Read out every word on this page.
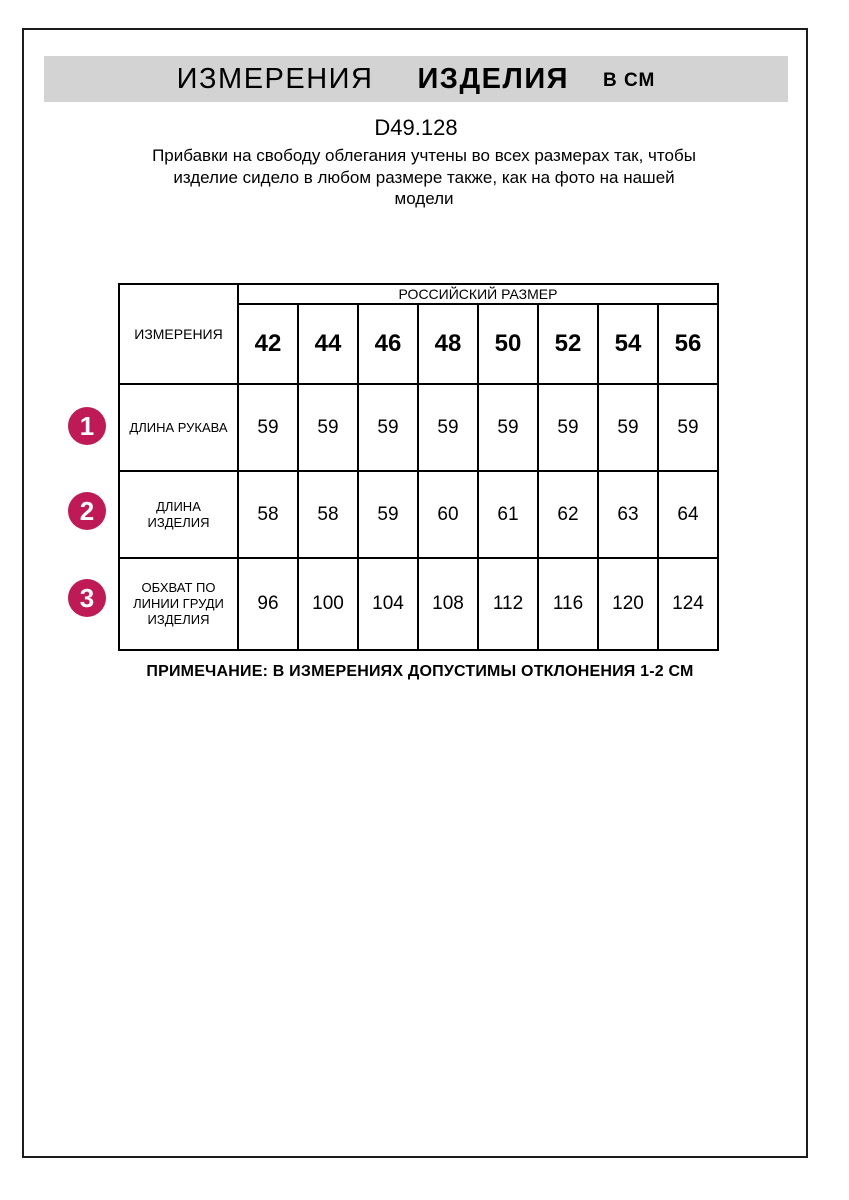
ИЗМЕРЕНИЯ ИЗДЕЛИЯ В СМ
D49.128
Прибавки на свободу облегания учтены во всех размерах так, чтобы
изделие сидело в любом размере также, как на фото на нашей
модели
ИЗМЕРЕНИЯ	РОССИЙСКИЙ РАЗМЕР							
	42	44	46	48	50	52	54	56
ДЛИНА РУКАВА	59	59	59	59	59	59	59	59
ДЛИНА ИЗДЕЛИЯ	58	58	59	60	61	62	63	64
ОБХВАТ ПО ЛИНИИ ГРУДИ ИЗДЕЛИЯ	96	100	104	108	112	116	120	124
1
2
3
ПРИМЕЧАНИЕ: В ИЗМЕРЕНИЯХ ДОПУСТИМЫ ОТКЛОНЕНИЯ 1-2 СМ
